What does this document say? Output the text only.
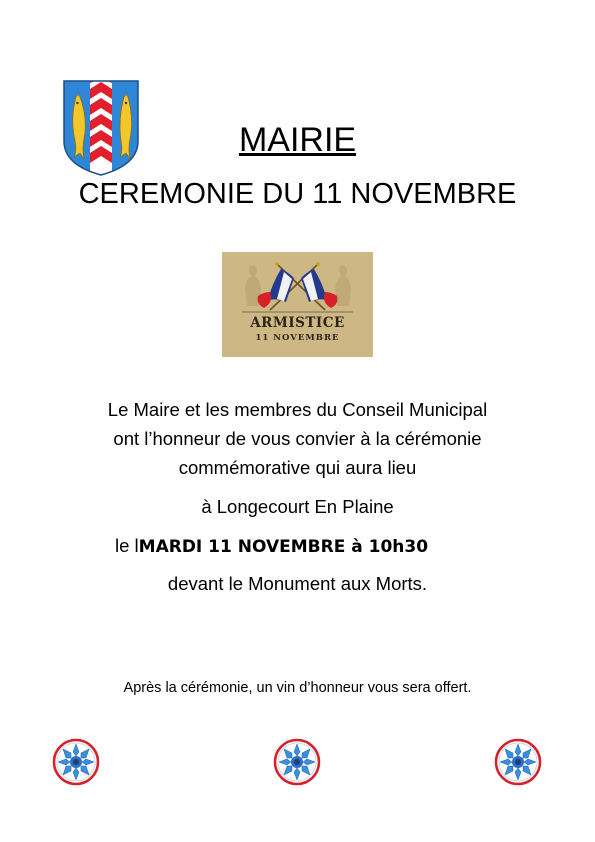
MAIRIE
CEREMONIE DU 11 NOVEMBRE
ARMISTICE
11 NOVEMBRE
Le Maire et les membres du Conseil Municipal
ont l’honneur de vous convier à la cérémonie
commémorative qui aura lieu
à Longecourt En Plaine
le lMARDI 11 NOVEMBRE à 10h30
devant le Monument aux Morts.
Après la cérémonie, un vin d’honneur vous sera offert.
